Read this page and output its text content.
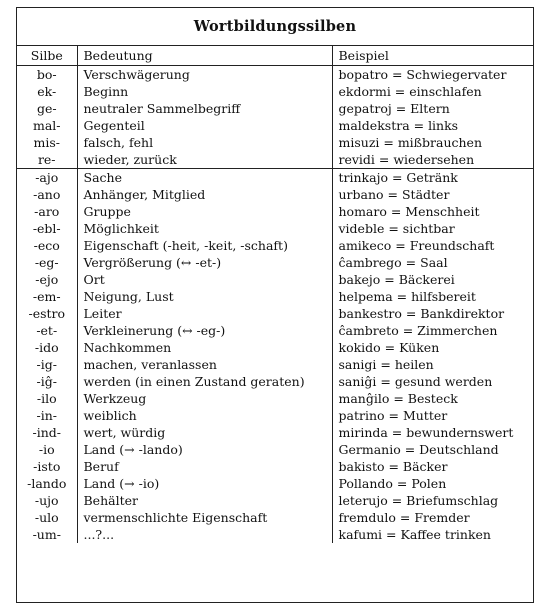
Wortbildungssilben
Silbe	Bedeutung	Beispiel
bo-	Verschwägerung	bopatro = Schwiegervater
ek-	Beginn	ekdormi = einschlafen
ge-	neutraler Sammelbegriff	gepatroj = Eltern
mal-	Gegenteil	maldekstra = links
mis-	falsch, fehl	misuzi = mißbrauchen
re-	wieder, zurück	revidi = wiedersehen
-ajo	Sache	trinkajo = Getränk
-ano	Anhänger, Mitglied	urbano = Städter
-aro	Gruppe	homaro = Menschheit
-ebl-	Möglichkeit	videble = sichtbar
-eco	Eigenschaft (-heit, -keit, -schaft)	amikeco = Freundschaft
-eg-	Vergrößerung (↔ -et-)	ĉambrego = Saal
-ejo	Ort	bakejo = Bäckerei
-em-	Neigung, Lust	helpema = hilfsbereit
-estro	Leiter	bankestro = Bankdirektor
-et-	Verkleinerung (↔ -eg-)	ĉambreto = Zimmerchen
-ido	Nachkommen	kokido = Küken
-ig-	machen, veranlassen	sanigi = heilen
-iĝ-	werden (in einen Zustand geraten)	saniĝi = gesund werden
-ilo	Werkzeug	manĝilo = Besteck
-in-	weiblich	patrino = Mutter
-ind-	wert, würdig	mirinda = bewundernswert
-io	Land (→ -lando)	Germanio = Deutschland
-isto	Beruf	bakisto = Bäcker
-lando	Land (→ -io)	Pollando = Polen
-ujo	Behälter	leterujo = Briefumschlag
-ulo	vermenschlichte Eigenschaft	fremdulo = Fremder
-um-	...?...	kafumi = Kaffee trinken
